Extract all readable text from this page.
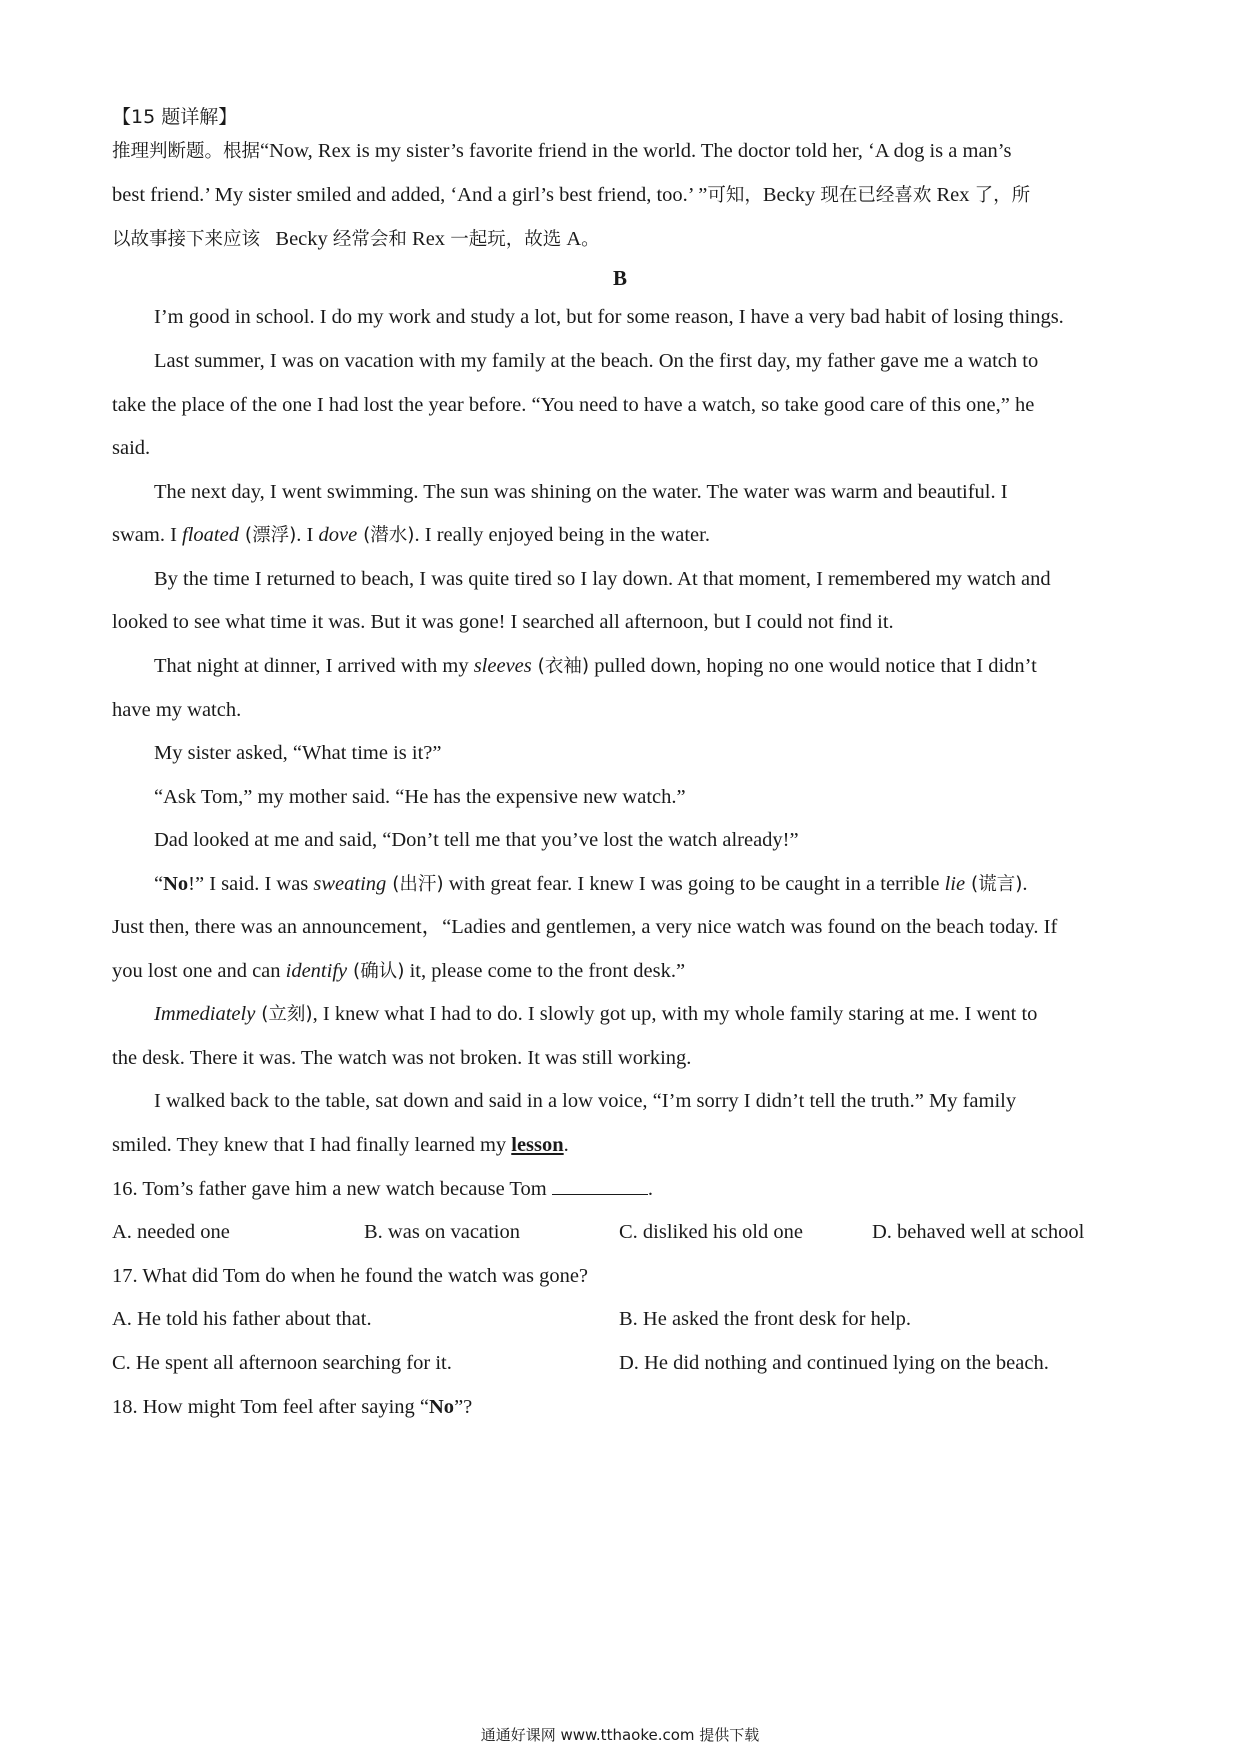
【15 题详解】
推理判断题。根据“Now, Rex is my sister’s favorite friend in the world. The doctor told her, ‘A dog is a man’s
best friend.’ My sister smiled and added, ‘And a girl’s best friend, too.’ ”可知，Becky 现在已经喜欢 Rex 了，所
以故事接下来应该 Becky 经常会和 Rex 一起玩，故选 A。
B
I’m good in school. I do my work and study a lot, but for some reason, I have a very bad habit of losing things.
Last summer, I was on vacation with my family at the beach. On the first day, my father gave me a watch to
take the place of the one I had lost the year before. “You need to have a watch, so take good care of this one,” he
said.
The next day, I went swimming. The sun was shining on the water. The water was warm and beautiful. I
swam. I floated (漂浮). I dove (潜水). I really enjoyed being in the water.
By the time I returned to beach, I was quite tired so I lay down. At that moment, I remembered my watch and
looked to see what time it was. But it was gone! I searched all afternoon, but I could not find it.
That night at dinner, I arrived with my sleeves (衣袖) pulled down, hoping no one would notice that I didn’t
have my watch.
My sister asked, “What time is it?”
“Ask Tom,” my mother said. “He has the expensive new watch.”
Dad looked at me and said, “Don’t tell me that you’ve lost the watch already!”
“No!” I said. I was sweating (出汗) with great fear. I knew I was going to be caught in a terrible lie (谎言).
Just then, there was an announcement，“Ladies and gentlemen, a very nice watch was found on the beach today. If
you lost one and can identify (确认) it, please come to the front desk.”
Immediately (立刻), I knew what I had to do. I slowly got up, with my whole family staring at me. I went to
the desk. There it was. The watch was not broken. It was still working.
I walked back to the table, sat down and said in a low voice, “I’m sorry I didn’t tell the truth.” My family
smiled. They knew that I had finally learned my lesson.
16. Tom’s father gave him a new watch because Tom	.
A. needed one	B. was on vacation	C. disliked his old one	D. behaved well at school
17. What did Tom do when he found the watch was gone?
A. He told his father about that.	B. He asked the front desk for help.
C. He spent all afternoon searching for it.	D. He did nothing and continued lying on the beach.
18. How might Tom feel after saying “No”?
通通好课网 www.tthaoke.com 提供下载
